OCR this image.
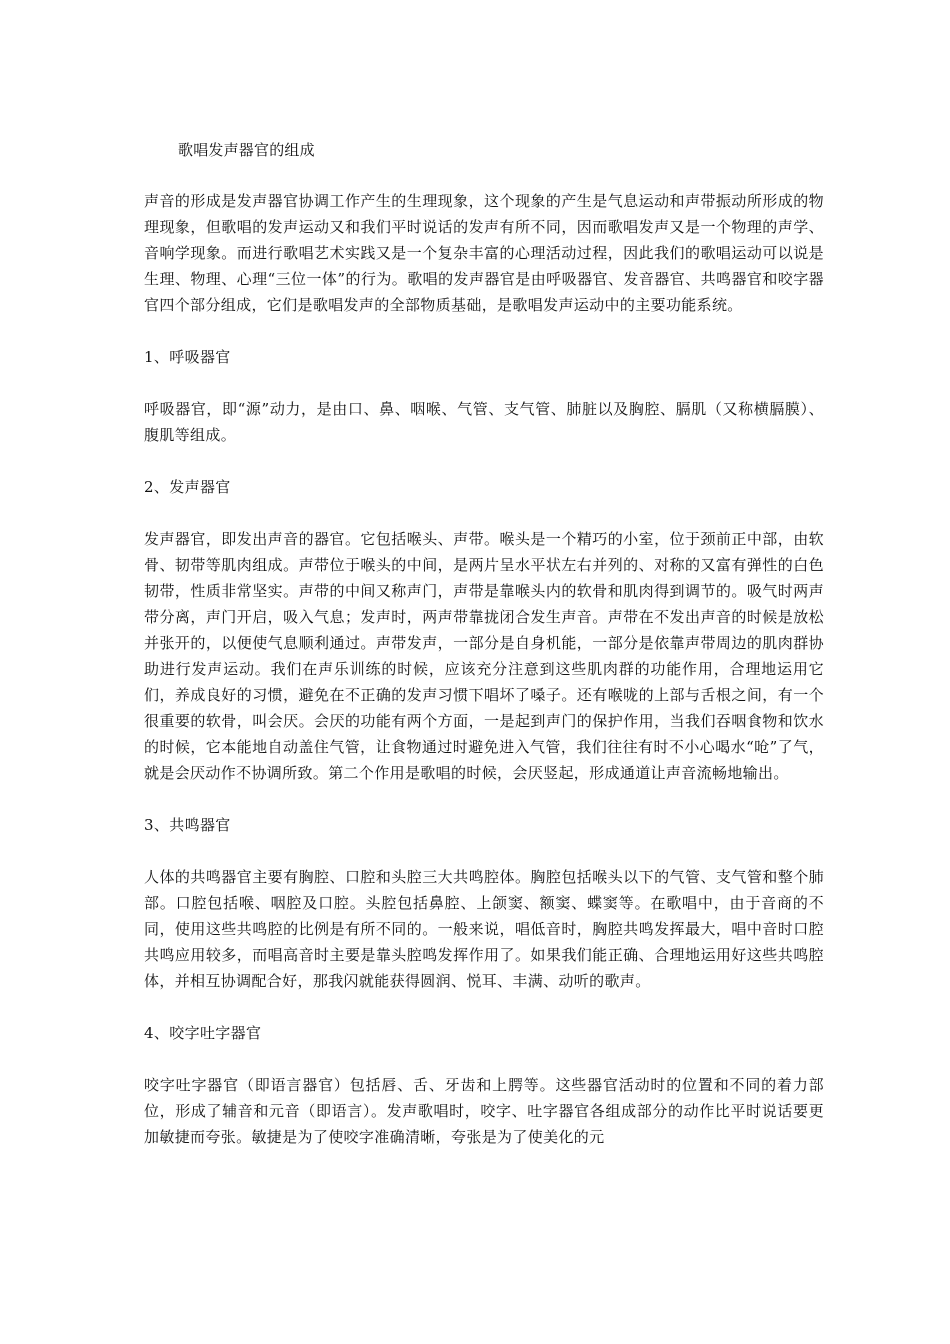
歌唱发声器官的组成

声音的形成是发声器官协调工作产生的生理现象，这个现象的产生是气息运动和声带振动所形成的物理现象，但歌唱的发声运动又和我们平时说话的发声有所不同，因而歌唱发声又是一个物理的声学、音响学现象。而进行歌唱艺术实践又是一个复杂丰富的心理活动过程，因此我们的歌唱运动可以说是生理、物理、心理“三位一体”的行为。歌唱的发声器官是由呼吸器官、发音器官、共鸣器官和咬字器官四个部分组成，它们是歌唱发声的全部物质基础，是歌唱发声运动中的主要功能系统。

1、呼吸器官

呼吸器官，即“源”动力，是由口、鼻、咽喉、气管、支气管、肺脏以及胸腔、膈肌（又称横膈膜）、腹肌等组成。

2、发声器官

发声器官，即发出声音的器官。它包括喉头、声带。喉头是一个精巧的小室，位于颈前正中部，由软骨、韧带等肌肉组成。声带位于喉头的中间，是两片呈水平状左右并列的、对称的又富有弹性的白色韧带，性质非常坚实。声带的中间又称声门，声带是靠喉头内的软骨和肌肉得到调节的。吸气时两声带分离，声门开启，吸入气息；发声时，两声带靠拢闭合发生声音。声带在不发出声音的时候是放松并张开的，以便使气息顺利通过。声带发声，一部分是自身机能，一部分是依靠声带周边的肌肉群协助进行发声运动。我们在声乐训练的时候，应该充分注意到这些肌肉群的功能作用，合理地运用它们，养成良好的习惯，避免在不正确的发声习惯下唱坏了嗓子。还有喉咙的上部与舌根之间，有一个很重要的软骨，叫会厌。会厌的功能有两个方面，一是起到声门的保护作用，当我们吞咽食物和饮水的时候，它本能地自动盖住气管，让食物通过时避免进入气管，我们往往有时不小心喝水“呛”了气，就是会厌动作不协调所致。第二个作用是歌唱的时候，会厌竖起，形成通道让声音流畅地输出。

3、共鸣器官

人体的共鸣器官主要有胸腔、口腔和头腔三大共鸣腔体。胸腔包括喉头以下的气管、支气管和整个肺部。口腔包括喉、咽腔及口腔。头腔包括鼻腔、上颌窦、额窦、蝶窦等。在歌唱中，由于音商的不同，使用这些共鸣腔的比例是有所不同的。一般来说，唱低音时，胸腔共鸣发挥最大，唱中音时口腔共鸣应用较多，而唱高音时主要是靠头腔鸣发挥作用了。如果我们能正确、合理地运用好这些共鸣腔体，并相互协调配合好，那我闪就能获得圆润、悦耳、丰满、动听的歌声。

4、咬字吐字器官

咬字吐字器官（即语言器官）包括唇、舌、牙齿和上腭等。这些器官活动时的位置和不同的着力部位，形成了辅音和元音（即语言）。发声歌唱时，咬字、吐字器官各组成部分的动作比平时说话要更加敏捷而夸张。敏捷是为了使咬字准确清晰，夸张是为了使美化的元
